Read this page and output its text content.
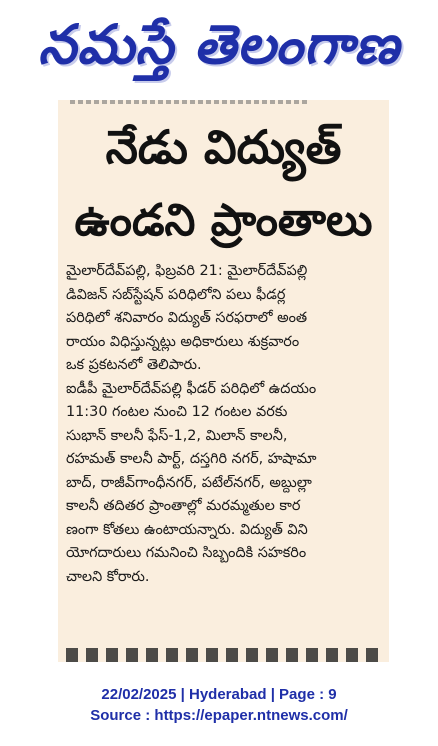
నమస్తే తెలంగాణ
నేడు విద్యుత్
ఉండని ప్రాంతాలు

మైలార్‌దేవ్‌పల్లి, ఫిబ్రవరి 21: మైలార్‌దేవ్‌పల్లి
డివిజన్ సబ్‌స్టేషన్ పరిధిలోని పలు ఫీడర్ల
పరిధిలో శనివారం విద్యుత్ సరఫరాలో అంత
రాయం విధిస్తున్నట్లు అధికారులు శుక్రవారం
ఒక ప్రకటనలో తెలిపారు.

ఐడీపీ మైలార్‌దేవ్‌పల్లి ఫీడర్ పరిధిలో ఉదయం
11:30 గంటల నుంచి 12 గంటల వరకు
సుభాన్ కాలనీ ఫేస్-1,2, మిలాన్ కాలనీ,
రహమత్ కాలనీ పార్ట్, దస్తగిరి నగర్, హషామా
బాద్, రాజీవ్‌గాంధీనగర్, పటేల్‌నగర్, అబ్దుల్లా
కాలనీ తదితర ప్రాంతాల్లో మరమ్మతుల కార
ణంగా కోతలు ఉంటాయన్నారు. విద్యుత్ విని
యోగదారులు గమనించి సిబ్బందికి సహకరిం
చాలని కోరారు.

22/02/2025 | Hyderabad | Page : 9
Source : https://epaper.ntnews.com/
